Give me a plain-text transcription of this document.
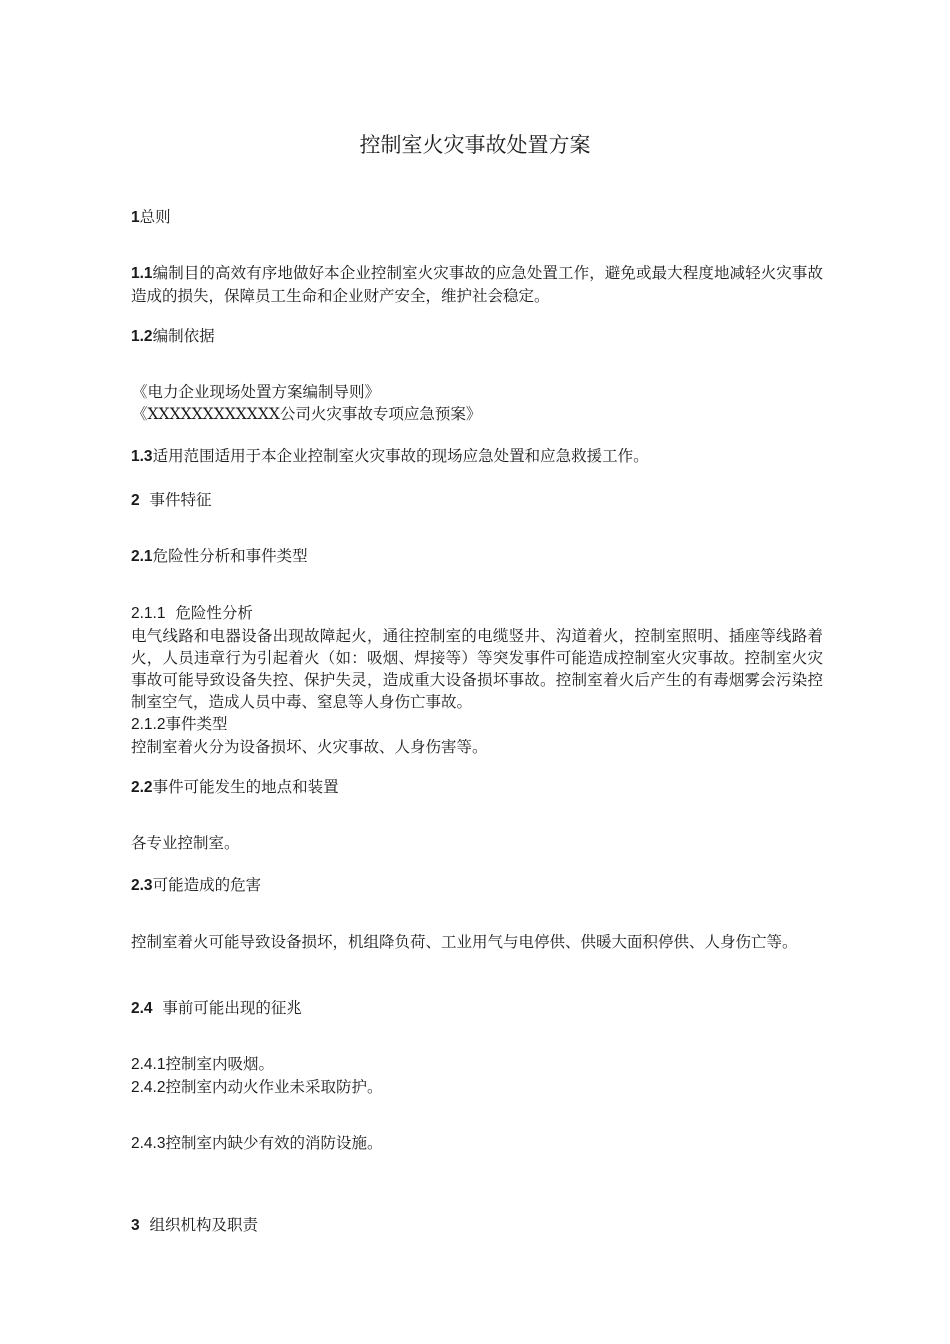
控制室火灾事故处置方案
1总则
1.1编制目的高效有序地做好本企业控制室火灾事故的应急处置工作，避免或最大程度地减轻火灾事故造成的损失，保障员工生命和企业财产安全，维护社会稳定。
1.2编制依据

《电力企业现场处置方案编制导则》

《XXXXXXXXXXXX公司火灾事故专项应急预案》

1.3适用范围适用于本企业控制室火灾事故的现场应急处置和应急救援工作。
2 事件特征
2.1危险性分析和事件类型

2.1.1 危险性分析

电气线路和电器设备出现故障起火，通往控制室的电缆竖井、沟道着火，控制室照明、插座等线路着火，人员违章行为引起着火（如：吸烟、焊接等）等突发事件可能造成控制室火灾事故。控制室火灾事故可能导致设备失控、保护失灵，造成重大设备损坏事故。控制室着火后产生的有毒烟雾会污染控制室空气，造成人员中毒、窒息等人身伤亡事故。

2.1.2事件类型

控制室着火分为设备损坏、火灾事故、人身伤害等。

2.2事件可能发生的地点和装置
各专业控制室。
2.3可能造成的危害
控制室着火可能导致设备损坏，机组降负荷、工业用气与电停供、供暖大面积停供、人身伤亡等。
2.4 事前可能出现的征兆

2.4.1控制室内吸烟。

2.4.2控制室内动火作业未采取防护。

2.4.3控制室内缺少有效的消防设施。
3 组织机构及职责
